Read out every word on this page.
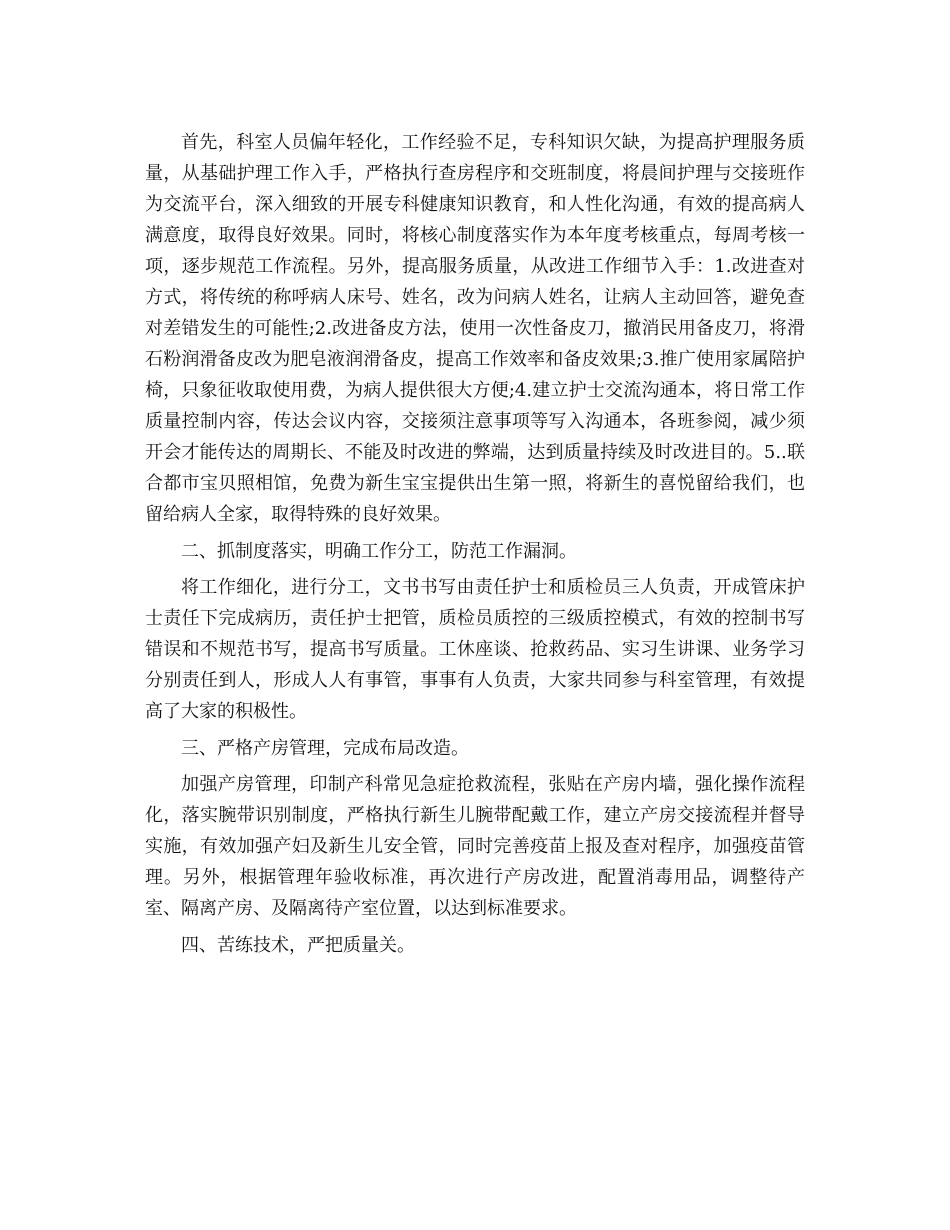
首先，科室人员偏年轻化，工作经验不足，专科知识欠缺，为提高护理服务质量，从基础护理工作入手，严格执行查房程序和交班制度，将晨间护理与交接班作为交流平台，深入细致的开展专科健康知识教育，和人性化沟通，有效的提高病人满意度，取得良好效果。同时，将核心制度落实作为本年度考核重点，每周考核一项，逐步规范工作流程。另外，提高服务质量，从改进工作细节入手：1.改进查对方式，将传统的称呼病人床号、姓名，改为问病人姓名，让病人主动回答，避免查对差错发生的可能性;2.改进备皮方法，使用一次性备皮刀，撤消民用备皮刀，将滑石粉润滑备皮改为肥皂液润滑备皮，提高工作效率和备皮效果;3.推广使用家属陪护椅，只象征收取使用费，为病人提供很大方便;4.建立护士交流沟通本，将日常工作质量控制内容，传达会议内容，交接须注意事项等写入沟通本，各班参阅，减少须开会才能传达的周期长、不能及时改进的弊端，达到质量持续及时改进目的。5..联合都市宝贝照相馆，免费为新生宝宝提供出生第一照，将新生的喜悦留给我们，也留给病人全家，取得特殊的良好效果。

二、抓制度落实，明确工作分工，防范工作漏洞。

将工作细化，进行分工，文书书写由责任护士和质检员三人负责，开成管床护士责任下完成病历，责任护士把管，质检员质控的三级质控模式，有效的控制书写错误和不规范书写，提高书写质量。工休座谈、抢救药品、实习生讲课、业务学习分别责任到人，形成人人有事管，事事有人负责，大家共同参与科室管理，有效提高了大家的积极性。

三、严格产房管理，完成布局改造。

加强产房管理，印制产科常见急症抢救流程，张贴在产房内墙，强化操作流程化，落实腕带识别制度，严格执行新生儿腕带配戴工作，建立产房交接流程并督导实施，有效加强产妇及新生儿安全管，同时完善疫苗上报及查对程序，加强疫苗管理。另外，根据管理年验收标准，再次进行产房改进，配置消毒用品，调整待产室、隔离产房、及隔离待产室位置，以达到标准要求。

四、苦练技术，严把质量关。
